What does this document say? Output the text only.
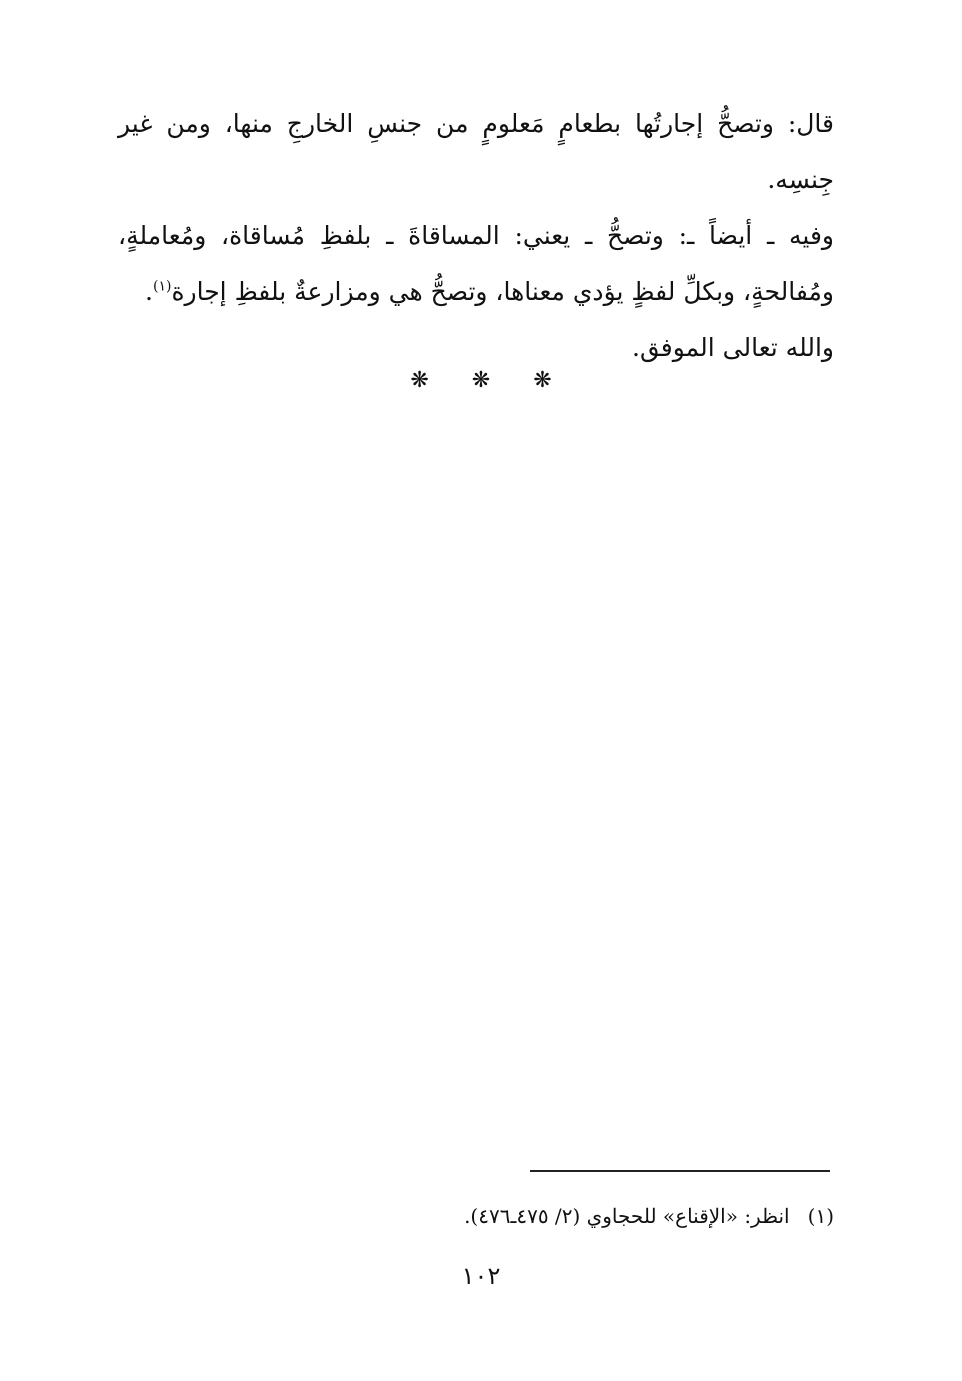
قال: وتصحُّ إجارتُها بطعامٍ مَعلومٍ من جنسِ الخارجِ منها، ومن غير جِنسِه.

وفيه ـ أيضاً ـ: وتصحُّ ـ يعني: المساقاةَ ـ بلفظِ مُساقاة، ومُعاملةٍ، ومُفالحةٍ، وبكلِّ لفظٍ يؤدي معناها، وتصحُّ هي ومزارعةٌ بلفظِ إجارة$^{(١)}$.

والله تعالى الموفق.

❋ ❋ ❋
(١)انظر: «الإقناع» للحجاوي (٢/ ٤٧٥ـ٤٧٦).
١٠٢
